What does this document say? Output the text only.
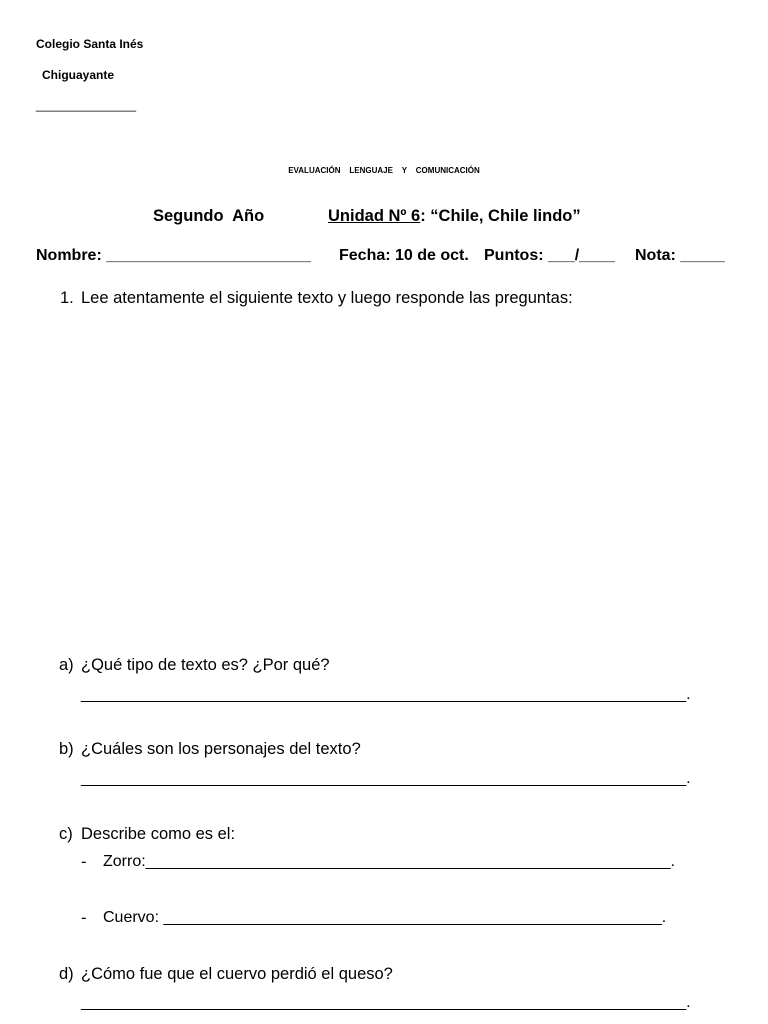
Colegio Santa Inés
Chiguayante
_______________
EVALUACIÓN    LENGUAJE    Y    COMUNICACIÓN
Segundo  Año	Unidad Nº 6: “Chile, Chile lindo”
Nombre: _______________________ Fecha: 10 de oct. Puntos: ___/____ Nota: _____
1. Lee atentamente el siguiente texto y luego responde las preguntas:
a) ¿Qué tipo de texto es? ¿Por qué?
____________________________________________________________________.
b) ¿Cuáles son los personajes del texto?
____________________________________________________________________.
c) Describe como es el:
- Zorro:___________________________________________________________.
- Cuervo: ________________________________________________________.
d) ¿Cómo fue que el cuervo perdió el queso?
____________________________________________________________________.
